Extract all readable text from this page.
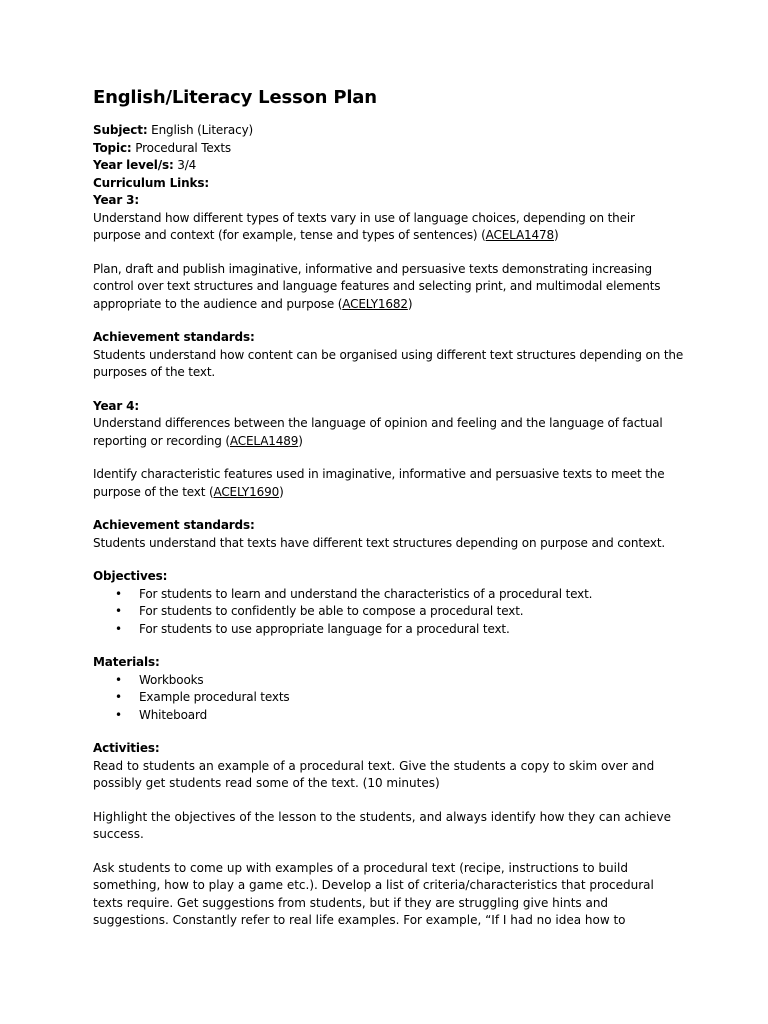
English/Literacy Lesson Plan

Subject: English (Literacy)

Topic: Procedural Texts

Year level/s: 3/4

Curriculum Links:

Year 3:

Understand how different types of texts vary in use of language choices, depending on their purpose and context (for example, tense and types of sentences) (ACELA1478)

Plan, draft and publish imaginative, informative and persuasive texts demonstrating increasing control over text structures and language features and selecting print, and multimodal elements appropriate to the audience and purpose (ACELY1682)

Achievement standards:

Students understand how content can be organised using different text structures depending on the purposes of the text.

Year 4:

Understand differences between the language of opinion and feeling and the language of factual reporting or recording (ACELA1489)

Identify characteristic features used in imaginative, informative and persuasive texts to meet the purpose of the text (ACELY1690)

Achievement standards:

Students understand that texts have different text structures depending on purpose and context.

Objectives:

• For students to learn and understand the characteristics of a procedural text.
• For students to confidently be able to compose a procedural text.
• For students to use appropriate language for a procedural text.

Materials:

• Workbooks
• Example procedural texts
• Whiteboard

Activities:

Read to students an example of a procedural text. Give the students a copy to skim over and possibly get students read some of the text. (10 minutes)

Highlight the objectives of the lesson to the students, and always identify how they can achieve success.

Ask students to come up with examples of a procedural text (recipe, instructions to build something, how to play a game etc.). Develop a list of criteria/characteristics that procedural texts require. Get suggestions from students, but if they are struggling give hints and suggestions. Constantly refer to real life examples. For example, “If I had no idea how to
